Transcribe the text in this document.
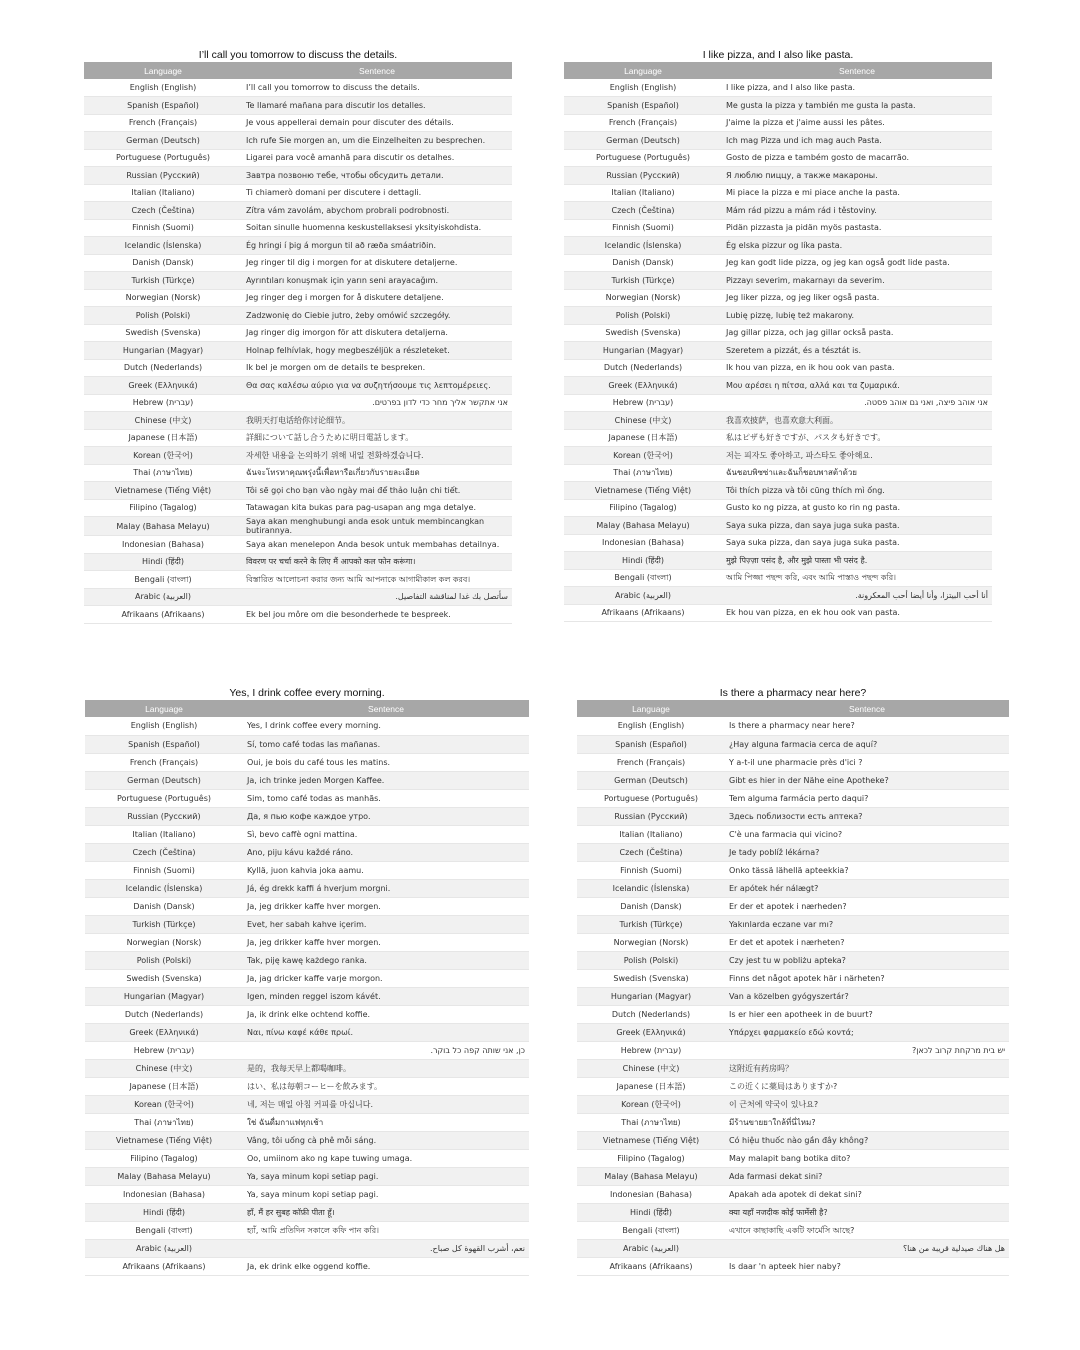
I’ll call you tomorrow to discuss the details.
Language	Sentence
English (English)	I’ll call you tomorrow to discuss the details.
Spanish (Español)	Te llamaré mañana para discutir los detalles.
French (Français)	Je vous appellerai demain pour discuter des détails.
German (Deutsch)	Ich rufe Sie morgen an, um die Einzelheiten zu besprechen.
Portuguese (Português)	Ligarei para você amanhã para discutir os detalhes.
Russian (Русский)	Завтра позвоню тебе, чтобы обсудить детали.
Italian (Italiano)	Ti chiamerò domani per discutere i dettagli.
Czech (Čeština)	Zítra vám zavolám, abychom probrali podrobnosti.
Finnish (Suomi)	Soitan sinulle huomenna keskustellaksesi yksityiskohdista.
Icelandic (Íslenska)	Ég hringi í þig á morgun til að ræða smáatriðin.
Danish (Dansk)	Jeg ringer til dig i morgen for at diskutere detaljerne.
Turkish (Türkçe)	Ayrıntıları konuşmak için yarın seni arayacağım.
Norwegian (Norsk)	Jeg ringer deg i morgen for å diskutere detaljene.
Polish (Polski)	Zadzwonię do Ciebie jutro, żeby omówić szczegóły.
Swedish (Svenska)	Jag ringer dig imorgon för att diskutera detaljerna.
Hungarian (Magyar)	Holnap felhívlak, hogy megbeszéljük a részleteket.
Dutch (Nederlands)	Ik bel je morgen om de details te bespreken.
Greek (Ελληνικά)	Θα σας καλέσω αύριο για να συζητήσουμε τις λεπτομέρειες.
Hebrew (עברית)	אני אתקשר אליך מחר כדי לדון בפרטים.
Chinese (中文)	我明天打电话给你讨论细节。
Japanese (日本語)	詳細について話し合うために明日電話します。
Korean (한국어)	자세한 내용을 논의하기 위해 내일 전화하겠습니다.
Thai (ภาษาไทย)	ฉันจะโทรหาคุณพรุ่งนี้เพื่อหารือเกี่ยวกับรายละเอียด
Vietnamese (Tiếng Việt)	Tôi sẽ gọi cho bạn vào ngày mai để thảo luận chi tiết.
Filipino (Tagalog)	Tatawagan kita bukas para pag-usapan ang mga detalye.
Malay (Bahasa Melayu)	Saya akan menghubungi anda esok untuk membincangkan butirannya.
Indonesian (Bahasa)	Saya akan menelepon Anda besok untuk membahas detailnya.
Hindi (हिंदी)	विवरण पर चर्चा करने के लिए मैं आपको कल फोन करूंगा।
Bengali (বাংলা)	বিস্তারিত আলোচনা করার জন্য আমি আপনাকে আগামীকাল কল করব।
Arabic (العربية)	سأتصل بك غدا لمناقشة التفاصيل.
Afrikaans (Afrikaans)	Ek bel jou môre om die besonderhede te bespreek.
I like pizza, and I also like pasta.
Language	Sentence
English (English)	I like pizza, and I also like pasta.
Spanish (Español)	Me gusta la pizza y también me gusta la pasta.
French (Français)	J'aime la pizza et j'aime aussi les pâtes.
German (Deutsch)	Ich mag Pizza und ich mag auch Pasta.
Portuguese (Português)	Gosto de pizza e também gosto de macarrão.
Russian (Русский)	Я люблю пиццу, а также макароны.
Italian (Italiano)	Mi piace la pizza e mi piace anche la pasta.
Czech (Čeština)	Mám rád pizzu a mám rád i těstoviny.
Finnish (Suomi)	Pidän pizzasta ja pidän myös pastasta.
Icelandic (Íslenska)	Ég elska pizzur og líka pasta.
Danish (Dansk)	Jeg kan godt lide pizza, og jeg kan også godt lide pasta.
Turkish (Türkçe)	Pizzayı severim, makarnayı da severim.
Norwegian (Norsk)	Jeg liker pizza, og jeg liker også pasta.
Polish (Polski)	Lubię pizzę, lubię też makarony.
Swedish (Svenska)	Jag gillar pizza, och jag gillar också pasta.
Hungarian (Magyar)	Szeretem a pizzát, és a tésztát is.
Dutch (Nederlands)	Ik hou van pizza, en ik hou ook van pasta.
Greek (Ελληνικά)	Μου αρέσει η πίτσα, αλλά και τα ζυμαρικά.
Hebrew (עברית)	אני אוהב פיצה, ואני גם אוהב פסטה.
Chinese (中文)	我喜欢披萨，也喜欢意大利面。
Japanese (日本語)	私はピザも好きですが、パスタも好きです。
Korean (한국어)	저는 피자도 좋아하고, 파스타도 좋아해요.
Thai (ภาษาไทย)	ฉันชอบพิซซ่าและฉันก็ชอบพาสต้าด้วย
Vietnamese (Tiếng Việt)	Tôi thích pizza và tôi cũng thích mì ống.
Filipino (Tagalog)	Gusto ko ng pizza, at gusto ko rin ng pasta.
Malay (Bahasa Melayu)	Saya suka pizza, dan saya juga suka pasta.
Indonesian (Bahasa)	Saya suka pizza, dan saya juga suka pasta.
Hindi (हिंदी)	मुझे पिज़्ज़ा पसंद है, और मुझे पास्ता भी पसंद है.
Bengali (বাংলা)	আমি পিজ্জা পছন্দ করি, এবং আমি পাস্তাও পছন্দ করি।
Arabic (العربية)	أنا أحب البيتزا، وأنا أيضا أحب المعكرونة.
Afrikaans (Afrikaans)	Ek hou van pizza, en ek hou ook van pasta.
Yes, I drink coffee every morning.
Language	Sentence
English (English)	Yes, I drink coffee every morning.
Spanish (Español)	Sí, tomo café todas las mañanas.
French (Français)	Oui, je bois du café tous les matins.
German (Deutsch)	Ja, ich trinke jeden Morgen Kaffee.
Portuguese (Português)	Sim, tomo café todas as manhãs.
Russian (Русский)	Да, я пью кофе каждое утро.
Italian (Italiano)	Sì, bevo caffè ogni mattina.
Czech (Čeština)	Ano, piju kávu každé ráno.
Finnish (Suomi)	Kyllä, juon kahvia joka aamu.
Icelandic (Íslenska)	Já, ég drekk kaffi á hverjum morgni.
Danish (Dansk)	Ja, jeg drikker kaffe hver morgen.
Turkish (Türkçe)	Evet, her sabah kahve içerim.
Norwegian (Norsk)	Ja, jeg drikker kaffe hver morgen.
Polish (Polski)	Tak, piję kawę każdego ranka.
Swedish (Svenska)	Ja, jag dricker kaffe varje morgon.
Hungarian (Magyar)	Igen, minden reggel iszom kávét.
Dutch (Nederlands)	Ja, ik drink elke ochtend koffie.
Greek (Ελληνικά)	Ναι, πίνω καφέ κάθε πρωί.
Hebrew (עברית)	כן, אני שותה קפה כל בוקר.
Chinese (中文)	是的，我每天早上都喝咖啡。
Japanese (日本語)	はい、私は毎朝コーヒーを飲みます。
Korean (한국어)	네, 저는 매일 아침 커피를 마십니다.
Thai (ภาษาไทย)	ใช่ ฉันดื่มกาแฟทุกเช้า
Vietnamese (Tiếng Việt)	Vâng, tôi uống cà phê mỗi sáng.
Filipino (Tagalog)	Oo, umiinom ako ng kape tuwing umaga.
Malay (Bahasa Melayu)	Ya, saya minum kopi setiap pagi.
Indonesian (Bahasa)	Ya, saya minum kopi setiap pagi.
Hindi (हिंदी)	हाँ, मैं हर सुबह कॉफ़ी पीता हूँ।
Bengali (বাংলা)	হ্যাঁ, আমি প্রতিদিন সকালে কফি পান করি।
Arabic (العربية)	نعم، أشرب القهوة كل صباح.
Afrikaans (Afrikaans)	Ja, ek drink elke oggend koffie.
Is there a pharmacy near here?
Language	Sentence
English (English)	Is there a pharmacy near here?
Spanish (Español)	¿Hay alguna farmacia cerca de aquí?
French (Français)	Y a-t-il une pharmacie près d'ici ?
German (Deutsch)	Gibt es hier in der Nähe eine Apotheke?
Portuguese (Português)	Tem alguma farmácia perto daqui?
Russian (Русский)	Здесь поблизости есть аптека?
Italian (Italiano)	C'è una farmacia qui vicino?
Czech (Čeština)	Je tady poblíž lékárna?
Finnish (Suomi)	Onko tässä lähellä apteekkia?
Icelandic (Íslenska)	Er apótek hér nálægt?
Danish (Dansk)	Er der et apotek i nærheden?
Turkish (Türkçe)	Yakınlarda eczane var mı?
Norwegian (Norsk)	Er det et apotek i nærheten?
Polish (Polski)	Czy jest tu w pobliżu apteka?
Swedish (Svenska)	Finns det något apotek här i närheten?
Hungarian (Magyar)	Van a közelben gyógyszertár?
Dutch (Nederlands)	Is er hier een apotheek in de buurt?
Greek (Ελληνικά)	Υπάρχει φαρμακείο εδώ κοντά;
Hebrew (עברית)	יש בית מרקחת קרוב לכאן?
Chinese (中文)	这附近有药房吗？
Japanese (日本語)	この近くに薬局はありますか?
Korean (한국어)	이 근처에 약국이 있나요?
Thai (ภาษาไทย)	มีร้านขายยาใกล้ที่นี่ไหม?
Vietnamese (Tiếng Việt)	Có hiệu thuốc nào gần đây không?
Filipino (Tagalog)	May malapit bang botika dito?
Malay (Bahasa Melayu)	Ada farmasi dekat sini?
Indonesian (Bahasa)	Apakah ada apotek di dekat sini?
Hindi (हिंदी)	क्या यहाँ नजदीक कोई फार्मेसी है?
Bengali (বাংলা)	এখানে কাছাকাছি একটি ফার্মেসি আছে?
Arabic (العربية)	هل هناك صيدلية قريبة من هنا؟
Afrikaans (Afrikaans)	Is daar 'n apteek hier naby?
